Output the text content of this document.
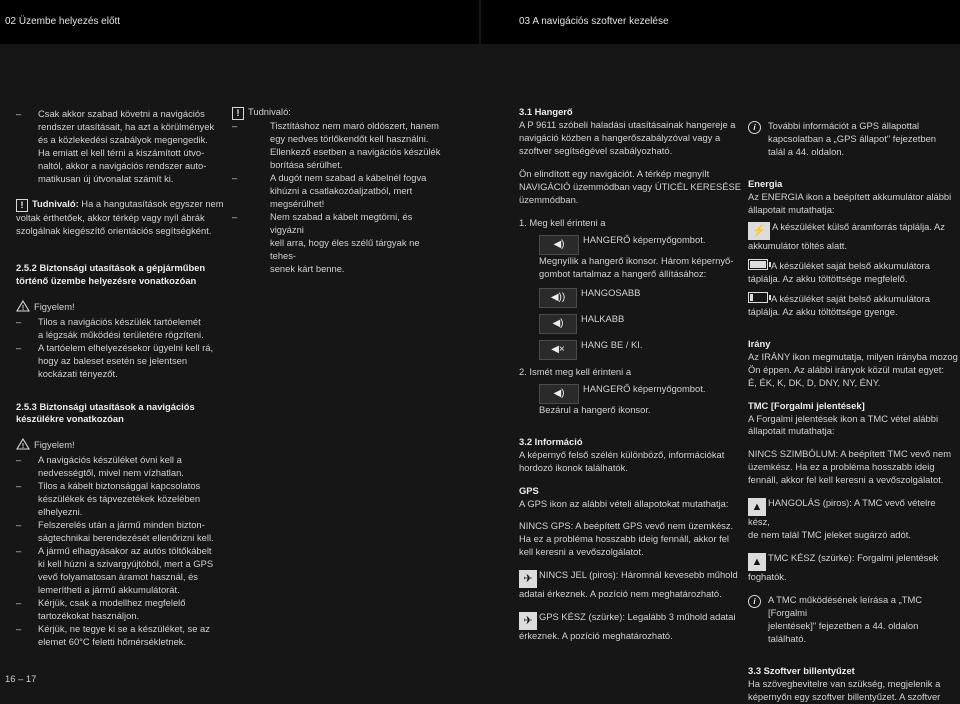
02 Üzembe helyezés előtt	03 A navigációs szoftver kezelése
– Csak akkor szabad követni a navigációs
rendszer utasításait, ha azt a körülmények
és a közlekedési szabályok megengedik.
Ha emiatt el kell térni a kiszámított útvo-
naltól, akkor a navigációs rendszer auto-
matikusan új útvonalat számít ki.
! Tudnivaló: Ha a hangutasítások egyszer nem
voltak érthetőek, akkor térkép vagy nyíl ábrák
szolgálnak kiegészítő orientációs segítségként.
2.5.2 Biztonsági utasítások a gépjárműben
történő üzembe helyezésre vonatkozóan
! Figyelem!
– Tilos a navigációs készülék tartóelemét
a légzsák működési területére rögzíteni.
– A tartóelem elhelyezésekor ügyelni kell rá,
hogy az baleset esetén se jelentsen
kockázati tényezőt.
2.5.3 Biztonsági utasítások a navigációs
készülékre vonatkozóan
! Figyelem!
– A navigációs készüléket óvni kell a
nedvességtől, mivel nem vízhatlan.
– Tilos a kábelt biztonsággal kapcsolatos
készülékek és tápvezetékek közelében
elhelyezni.
– Felszerelés után a jármű minden bizton-
ságtechnikai berendezését ellenőrizni kell.
– A jármű elhagyásakor az autós töltőkábelt
ki kell húzni a szivargyújtóból, mert a GPS
vevő folyamatosan áramot használ, és
lemerítheti a jármű akkumulátorát.
– Kérjük, csak a modellhez megfelelő
tartozékokat használjon.
– Kérjük, ne tegye ki se a készüléket, se az
elemet 60°C feletti hőmérsékletnek.
! Tudnivaló:
–	Tisztításhoz nem maró oldószert, hanem
egy nedves törlőkendőt kell használni.
Ellenkező esetben a navigációs készülék
borítása sérülhet.
–	A dugót nem szabad a kábelnél fogva
kihúzni a csatlakozóaljzatból, mert
megsérülhet!
–	Nem szabad a kábelt megtörni, és vigyázni
kell arra, hogy éles szélű tárgyak ne tehes-
senek kárt benne.
3.1 Hangerő
A P 9611 szóbeli haladási utasításainak hangereje a
navigáció közben a hangerőszabályzóval vagy a
szoftver segítségével szabályozható.
Ön elindított egy navigációt. A térkép megnyílt
NAVIGÁCIÓ üzemmódban vagy ÚTICÉL KERESÉSE
üzemmódban.
1. Meg kell érinteni a
◀) HANGERŐ képernyőgombot.
Megnyílik a hangerő ikonsor. Három képernyő-
gombot tartalmaz a hangerő állításához:
◀)) HANGOSABB
◀) HALKABB
◀× HANG BE / KI.
2. Ismét meg kell érinteni a
◀) HANGERŐ képernyőgombot.
Bezárul a hangerő ikonsor.
3.2 Információ
A képernyő felső szélén különböző, információkat
hordozó ikonok találhatók.
GPS
A GPS ikon az alábbi vételi állapotokat mutathatja:
NINCS GPS: A beépített GPS vevő nem üzemkész.
Ha ez a probléma hosszabb ideig fennáll, akkor fel
kell keresni a vevőszolgálatot.
✈ NINCS JEL (piros): Háromnál kevesebb műhold
adatai érkeznek. A pozíció nem meghatározható.
✈ GPS KÉSZ (szürke): Legalább 3 műhold adatai
érkeznek. A pozíció meghatározható.
i	További információt a GPS állapottal
kapcsolatban a „GPS állapot" fejezetben
talál a 44. oldalon.
Energia
Az ENERGIA ikon a beépített akkumulátor alábbi
állapotait mutathatja:
⚡ A készüléket külső áramforrás táplálja. Az
akkumulátor töltés alatt.
A készüléket saját belső akkumulátora
táplálja. Az akku töltöttsége megfelelő.
A készüléket saját belső akkumulátora
táplálja. Az akku töltöttsége gyenge.
Irány
Az IRÁNY ikon megmutatja, milyen irányba mozog
Ön éppen. Az alábbi irányok közül mutat egyet:
É, ÉK, K, DK, D, DNY, NY, ÉNY.
TMC [Forgalmi jelentések]
A Forgalmi jelentések ikon a TMC vétel alábbi
állapotait mutathatja:
NINCS SZIMBÓLUM: A beépített TMC vevő nem
üzemkész. Ha ez a probléma hosszabb ideig
fennáll, akkor fel kell keresni a vevőszolgálatot.
▲ HANGOLÁS (piros): A TMC vevő vételre kész,
de nem talál TMC jeleket sugárzó adót.
▲ TMC KÉSZ (szürke): Forgalmi jelentések
foghatók.
i	A TMC működésének leírása a „TMC [Forgalmi
jelentések]" fejezetben a 44. oldalon található.
3.3 Szoftver billentyűzet
Ha szövegbevitelre van szükség, megjelenik a
képernyőn egy szoftver billentyűzet. A szoftver
16 – 17
